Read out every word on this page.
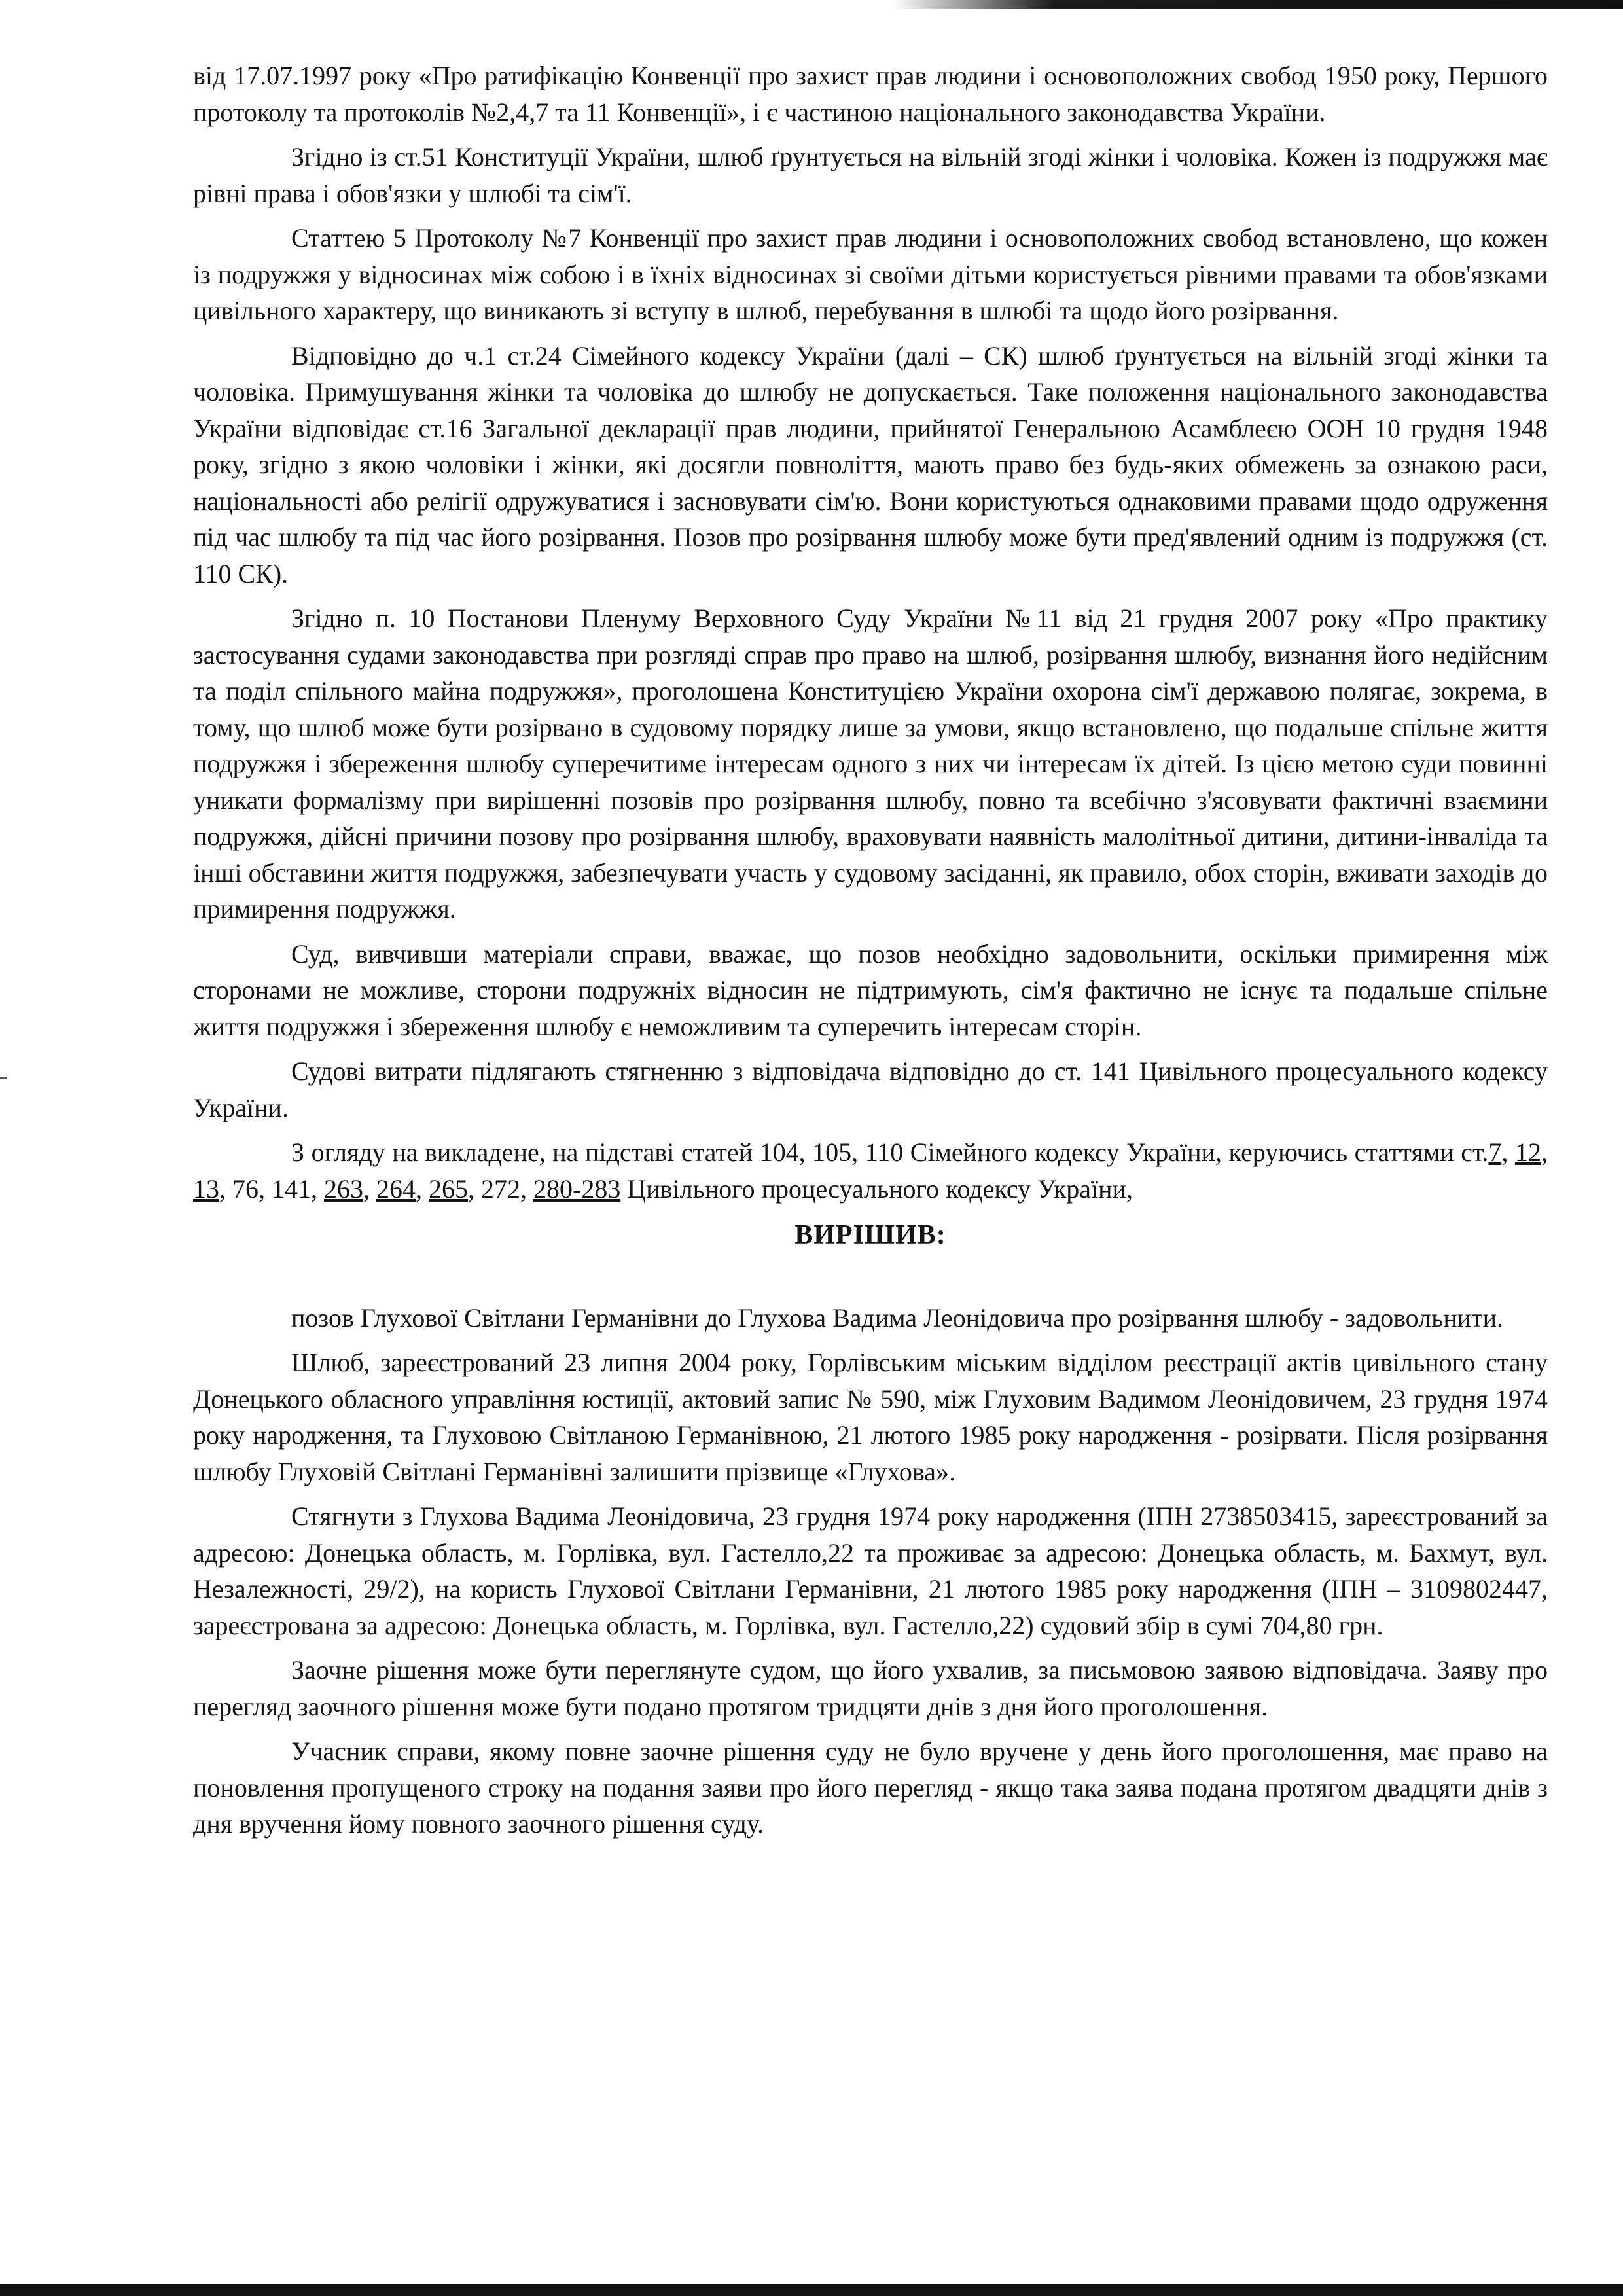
від 17.07.1997 року «Про ратифікацію Конвенції про захист прав людини і основоположних свобод 1950 року, Першого протоколу та протоколів №2,4,7 та 11 Конвенції», і є частиною національного законодавства України.

Згідно із ст.51 Конституції України, шлюб ґрунтується на вільній згоді жінки і чоловіка. Кожен із подружжя має рівні права і обов'язки у шлюбі та сім'ї.

Статтею 5 Протоколу №7 Конвенції про захист прав людини і основоположних свобод встановлено, що кожен із подружжя у відносинах між собою і в їхніх відносинах зі своїми дітьми користується рівними правами та обов'язками цивільного характеру, що виникають зі вступу в шлюб, перебування в шлюбі та щодо його розірвання.

Відповідно до ч.1 ст.24 Сімейного кодексу України (далі – СК) шлюб ґрунтується на вільній згоді жінки та чоловіка. Примушування жінки та чоловіка до шлюбу не допускається. Таке положення національного законодавства України відповідає ст.16 Загальної декларації прав людини, прийнятої Генеральною Асамблеєю ООН 10 грудня 1948 року, згідно з якою чоловіки і жінки, які досягли повноліття, мають право без будь-яких обмежень за ознакою раси, національності або релігії одружуватися і засновувати сім'ю. Вони користуються однаковими правами щодо одруження під час шлюбу та під час його розірвання. Позов про розірвання шлюбу може бути пред'явлений одним із подружжя (ст. 110 СК).

Згідно п. 10 Постанови Пленуму Верховного Суду України №11 від 21 грудня 2007 року «Про практику застосування судами законодавства при розгляді справ про право на шлюб, розірвання шлюбу, визнання його недійсним та поділ спільного майна подружжя», проголошена Конституцією України охорона сім'ї державою полягає, зокрема, в тому, що шлюб може бути розірвано в судовому порядку лише за умови, якщо встановлено, що подальше спільне життя подружжя і збереження шлюбу суперечитиме інтересам одного з них чи інтересам їх дітей. Із цією метою суди повинні уникати формалізму при вирішенні позовів про розірвання шлюбу, повно та всебічно з'ясовувати фактичні взаємини подружжя, дійсні причини позову про розірвання шлюбу, враховувати наявність малолітньої дитини, дитини-інваліда та інші обставини життя подружжя, забезпечувати участь у судовому засіданні, як правило, обох сторін, вживати заходів до примирення подружжя.

Суд, вивчивши матеріали справи, вважає, що позов необхідно задовольнити, оскільки примирення між сторонами не можливе, сторони подружніх відносин не підтримують, сім'я фактично не існує та подальше спільне життя подружжя і збереження шлюбу є неможливим та суперечить інтересам сторін.

Судові витрати підлягають стягненню з відповідача відповідно до ст. 141 Цивільного процесуального кодексу України.

З огляду на викладене, на підставі статей 104, 105, 110 Сімейного кодексу України, керуючись статтями ст.7, 12, 13, 76, 141, 263, 264, 265, 272, 280-283 Цивільного процесуального кодексу України,

ВИРІШИВ:

позов Глухової Світлани Германівни до Глухова Вадима Леонідовича про розірвання шлюбу - задовольнити.

Шлюб, зареєстрований 23 липня 2004 року, Горлівським міським відділом реєстрації актів цивільного стану Донецького обласного управління юстиції, актовий запис № 590, між Глуховим Вадимом Леонідовичем, 23 грудня 1974 року народження, та Глуховою Світланою Германівною, 21 лютого 1985 року народження - розірвати. Після розірвання шлюбу Глуховій Світлані Германівні залишити прізвище «Глухова».

Стягнути з Глухова Вадима Леонідовича, 23 грудня 1974 року народження (ІПН 2738503415, зареєстрований за адресою: Донецька область, м. Горлівка, вул. Гастелло,22 та проживає за адресою: Донецька область, м. Бахмут, вул. Незалежності, 29/2), на користь Глухової Світлани Германівни, 21 лютого 1985 року народження (ІПН – 3109802447, зареєстрована за адресою: Донецька область, м. Горлівка, вул. Гастелло,22) судовий збір в сумі 704,80 грн.

Заочне рішення може бути переглянуте судом, що його ухвалив, за письмовою заявою відповідача. Заяву про перегляд заочного рішення може бути подано протягом тридцяти днів з дня його проголошення.

Учасник справи, якому повне заочне рішення суду не було вручене у день його проголошення, має право на поновлення пропущеного строку на подання заяви про його перегляд - якщо така заява подана протягом двадцяти днів з дня вручення йому повного заочного рішення суду.
